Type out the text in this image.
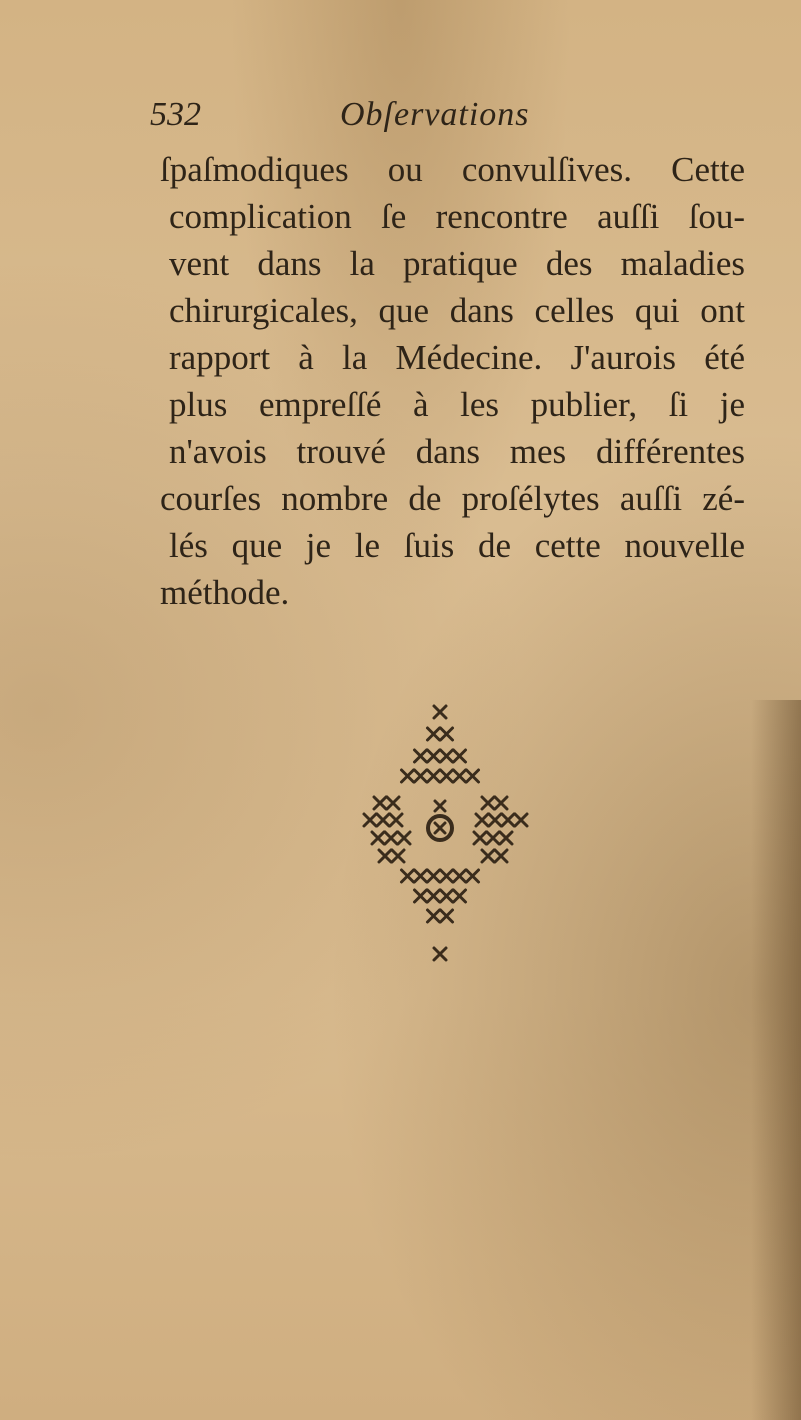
532	Obſervations
ſpaſmodiques ou convulſives. Cette
complication ſe rencontre auſſi ſou-
vent dans la pratique des maladies
chirurgicales, que dans celles qui ont
rapport à la Médecine. J'aurois été
plus empreſſé à les publier, ſi je
n'avois trouvé dans mes différentes
courſes nombre de proſélytes auſſi zé-
lés que je le ſuis de cette nouvelle
méthode.
